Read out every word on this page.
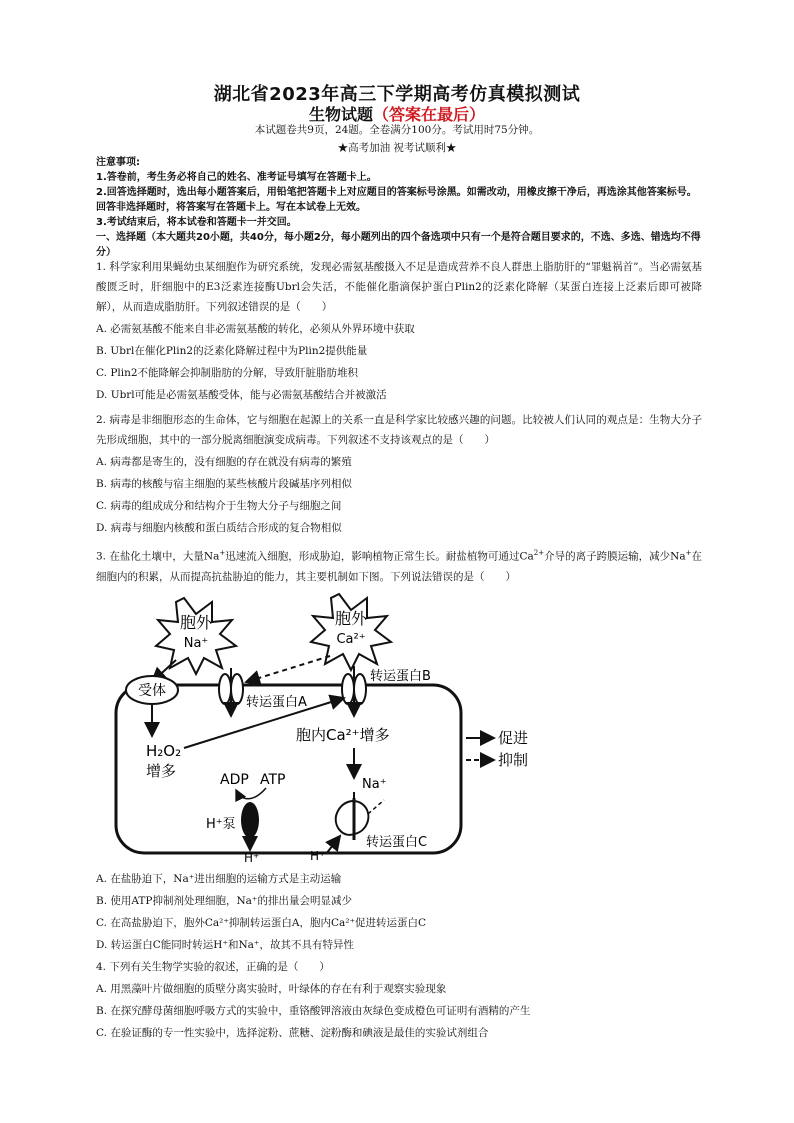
湖北省2023年高三下学期高考仿真模拟测试
生物试题（答案在最后）
本试题卷共9页，24题。全卷满分100分。考试用时75分钟。
★高考加油 祝考试顺利★
注意事项:
1.答卷前，考生务必将自己的姓名、准考证号填写在答题卡上。
2.回答选择题时，选出每小题答案后，用铅笔把答题卡上对应题目的答案标号涂黑。如需改动，用橡皮擦干净后，再选涂其他答案标号。回答非选择题时，将答案写在答题卡上。写在本试卷上无效。
3.考试结束后，将本试卷和答题卡一并交回。
一、选择题（本大题共20小题，共40分，每小题2分，每小题列出的四个备选项中只有一个是符合题目要求的，不选、多选、错选均不得分）
1. 科学家利用果蝇幼虫某细胞作为研究系统，发现必需氨基酸摄入不足是造成营养不良人群患上脂肪肝的“罪魁祸首”。当必需氨基酸匮乏时，肝细胞中的E3泛素连接酶Ubrl会失活，不能催化脂滴保护蛋白Plin2的泛素化降解（某蛋白连接上泛素后即可被降解），从而造成脂肪肝。下列叙述错误的是（　　）
A. 必需氨基酸不能来自非必需氨基酸的转化，必须从外界环境中获取
B. Ubrl在催化Plin2的泛素化降解过程中为Plin2提供能量
C. Plin2不能降解会抑制脂肪的分解，导致肝脏脂肪堆积
D. Ubrl可能是必需氨基酸受体，能与必需氨基酸结合并被激活
2. 病毒是非细胞形态的生命体，它与细胞在起源上的关系一直是科学家比较感兴趣的问题。比较被人们认同的观点是：生物大分子先形成细胞，其中的一部分脱离细胞演变成病毒。下列叙述不支持该观点的是（　　）
A. 病毒都是寄生的，没有细胞的存在就没有病毒的繁殖
B. 病毒的核酸与宿主细胞的某些核酸片段碱基序列相似
C. 病毒的组成成分和结构介于生物大分子与细胞之间
D. 病毒与细胞内核酸和蛋白质结合形成的复合物相似
3. 在盐化土壤中，大量Na+迅速流入细胞，形成胁迫，影响植物正常生长。耐盐植物可通过$Ca^{2+}$介导的离子跨膜运输，减少Na+在细胞内的积累，从而提高抗盐胁迫的能力，其主要机制如下图。下列说法错误的是（　　）
胞外
Na⁺
胞外
Ca²⁺
转运蛋白A
转运蛋白B
受体
H₂O₂
增多
胞内Ca²⁺增多
Na⁺
ADP ATP
H⁺泵
H⁺	H⁺
转运蛋白C
促进
抑制
A. 在盐胁迫下，Na⁺进出细胞的运输方式是主动运输
B. 使用ATP抑制剂处理细胞，Na⁺的排出量会明显减少
C. 在高盐胁迫下，胞外Ca²⁺抑制转运蛋白A，胞内Ca²⁺促进转运蛋白C
D. 转运蛋白C能同时转运H⁺和Na⁺，故其不具有特异性
4. 下列有关生物学实验的叙述，正确的是（　　）
A. 用黑藻叶片做细胞的质壁分离实验时，叶绿体的存在有利于观察实验现象
B. 在探究酵母菌细胞呼吸方式的实验中，重铬酸钾溶液由灰绿色变成橙色可证明有酒精的产生
C. 在验证酶的专一性实验中，选择淀粉、蔗糖、淀粉酶和碘液是最佳的实验试剂组合
